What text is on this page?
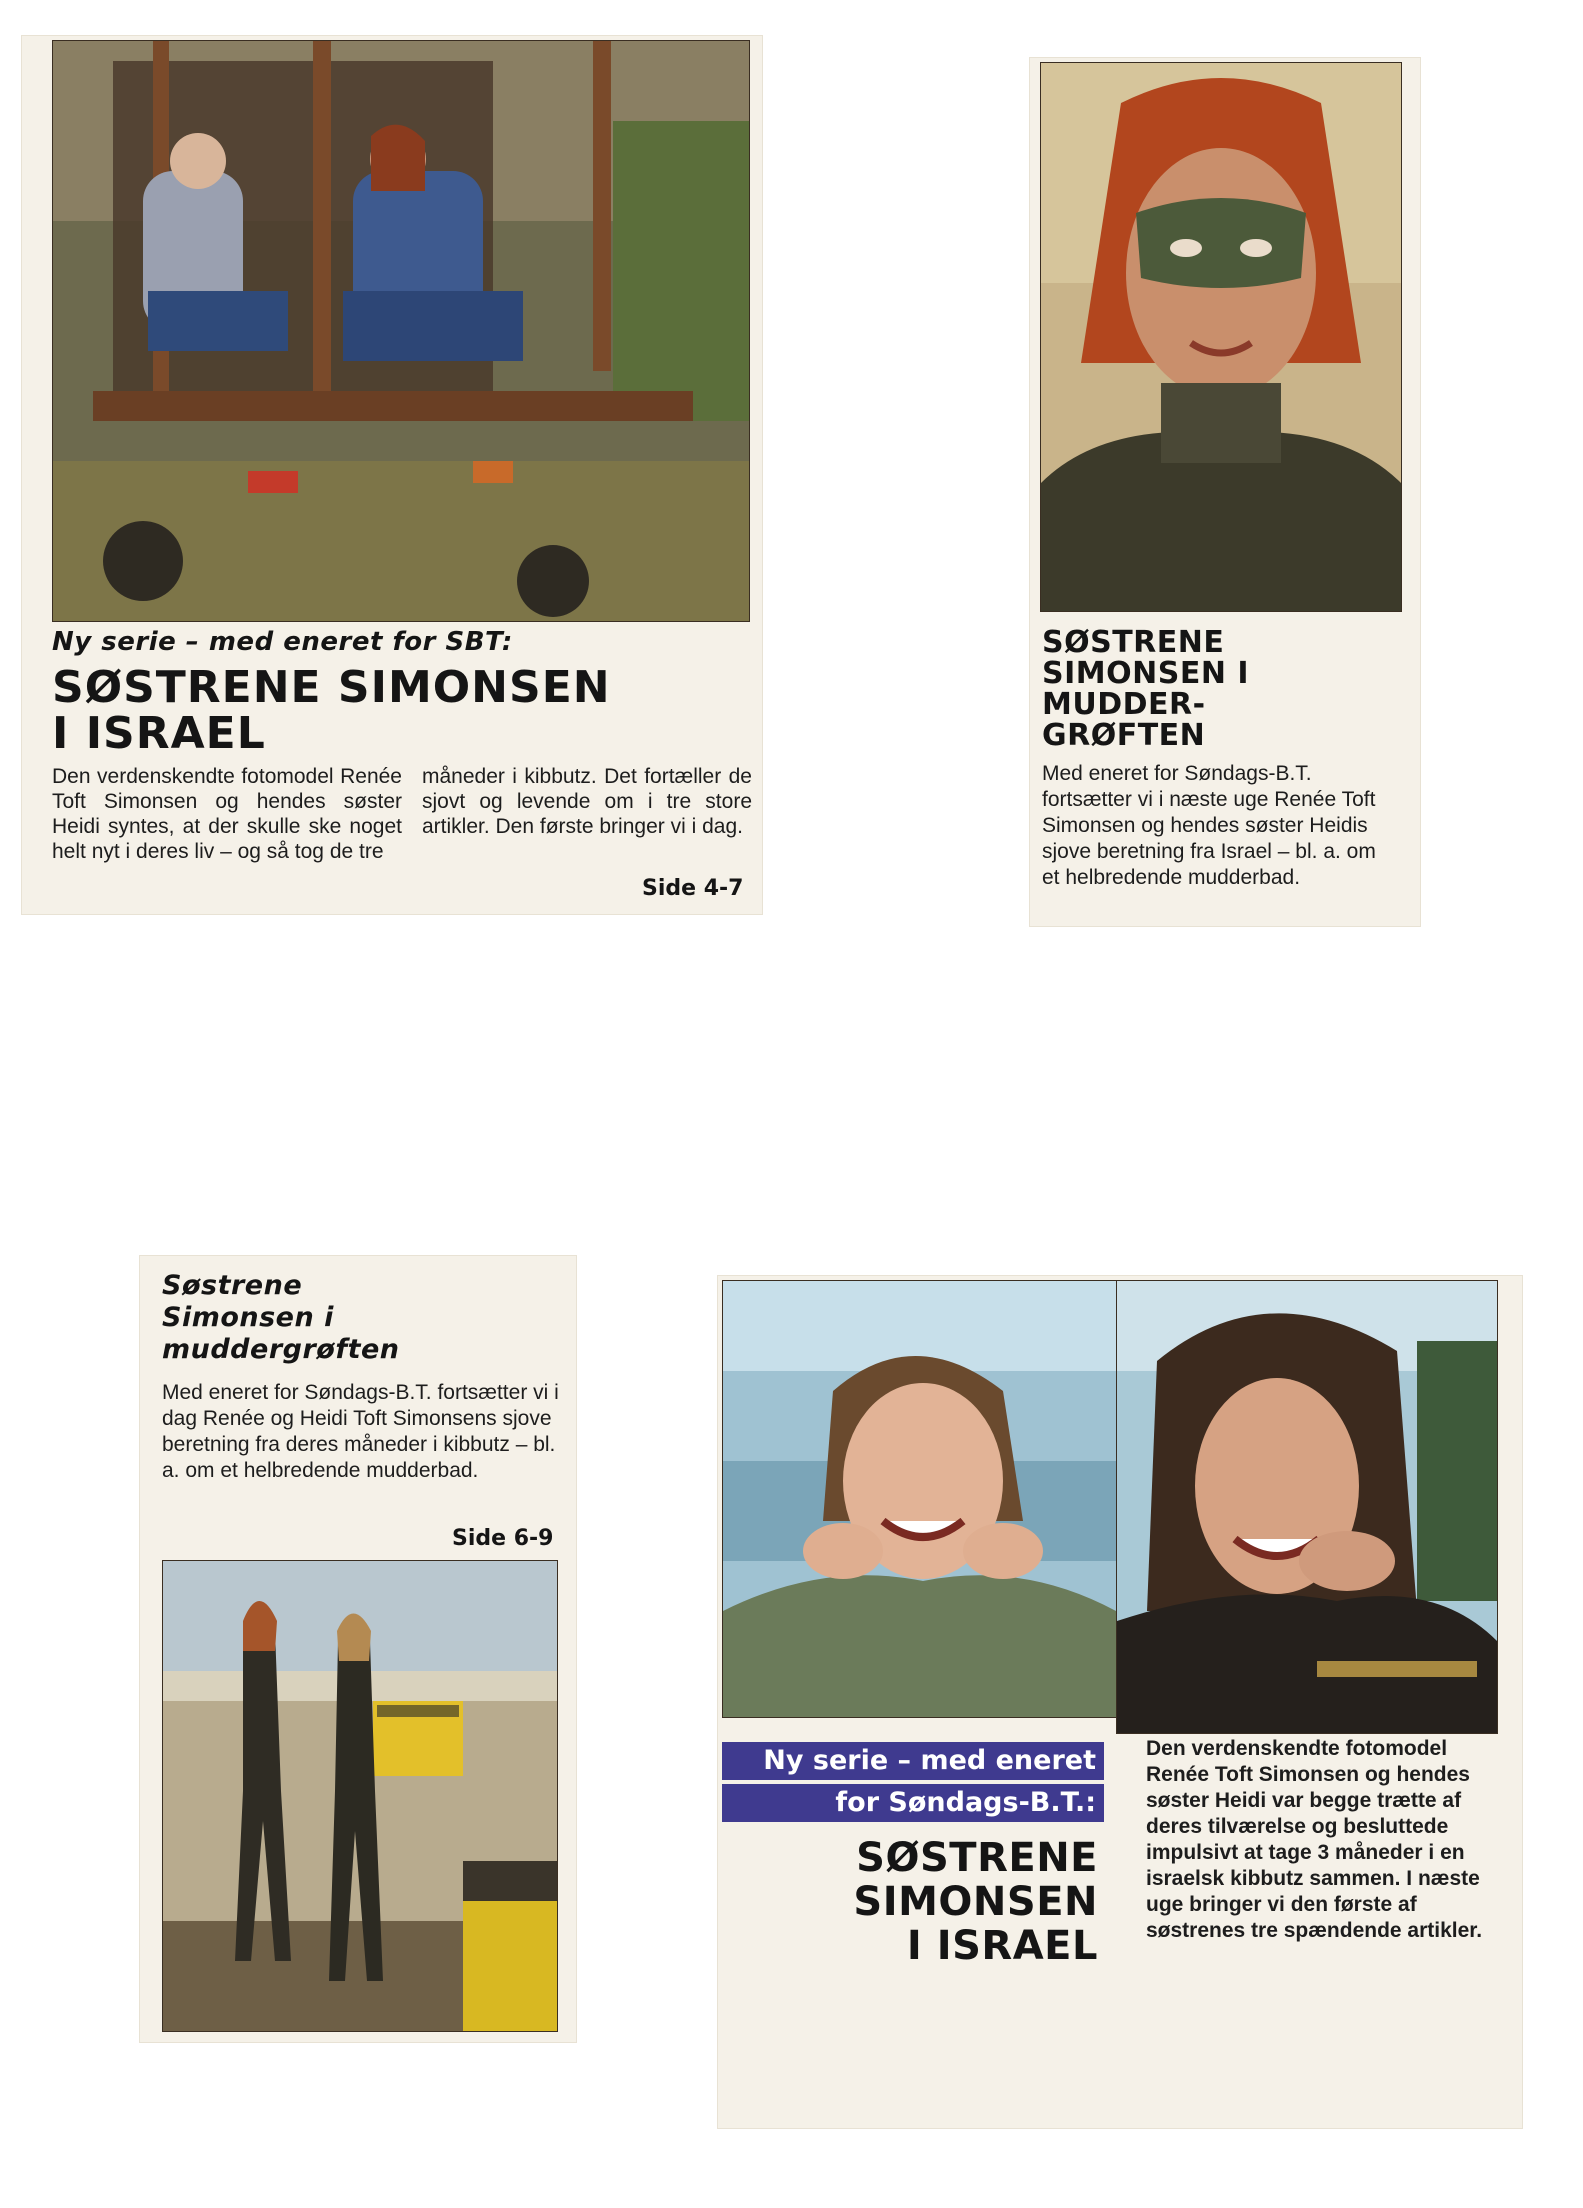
Ny serie – med eneret for SBT:

SØSTRENE SIMONSEN

I ISRAEL

Den verdenskendte fotomodel Renée Toft Simonsen og hendes søster Heidi syntes, at der skulle ske noget helt nyt i deres liv – og så tog de tre

måneder i kibbutz. Det fortæller de sjovt og levende om i tre store artikler. Den første bringer vi i dag.

Side 4-7

SØSTRENE

SIMONSEN I

MUDDER-

GRØFTEN

Med eneret for Søndags-B.T. fortsætter vi i næste uge Renée Toft Simonsen og hendes søster Heidis sjove beretning fra Israel – bl. a. om et helbredende mudderbad.

Søstrene

Simonsen i

muddergrøften

Med eneret for Søndags-B.T. fortsætter vi i dag Renée og Heidi Toft Simonsens sjove beretning fra deres måneder i kibbutz – bl. a. om et helbredende mudderbad.

Side 6-9

Ny serie – med eneret

for Søndags-B.T.:

SØSTRENE

SIMONSEN

I ISRAEL

Den verdenskendte fotomodel Renée Toft Simonsen og hendes søster Heidi var begge trætte af deres tilværelse og besluttede impulsivt at tage 3 måneder i en israelsk kibbutz sammen. I næste uge bringer vi den første af søstrenes tre spændende artikler.
